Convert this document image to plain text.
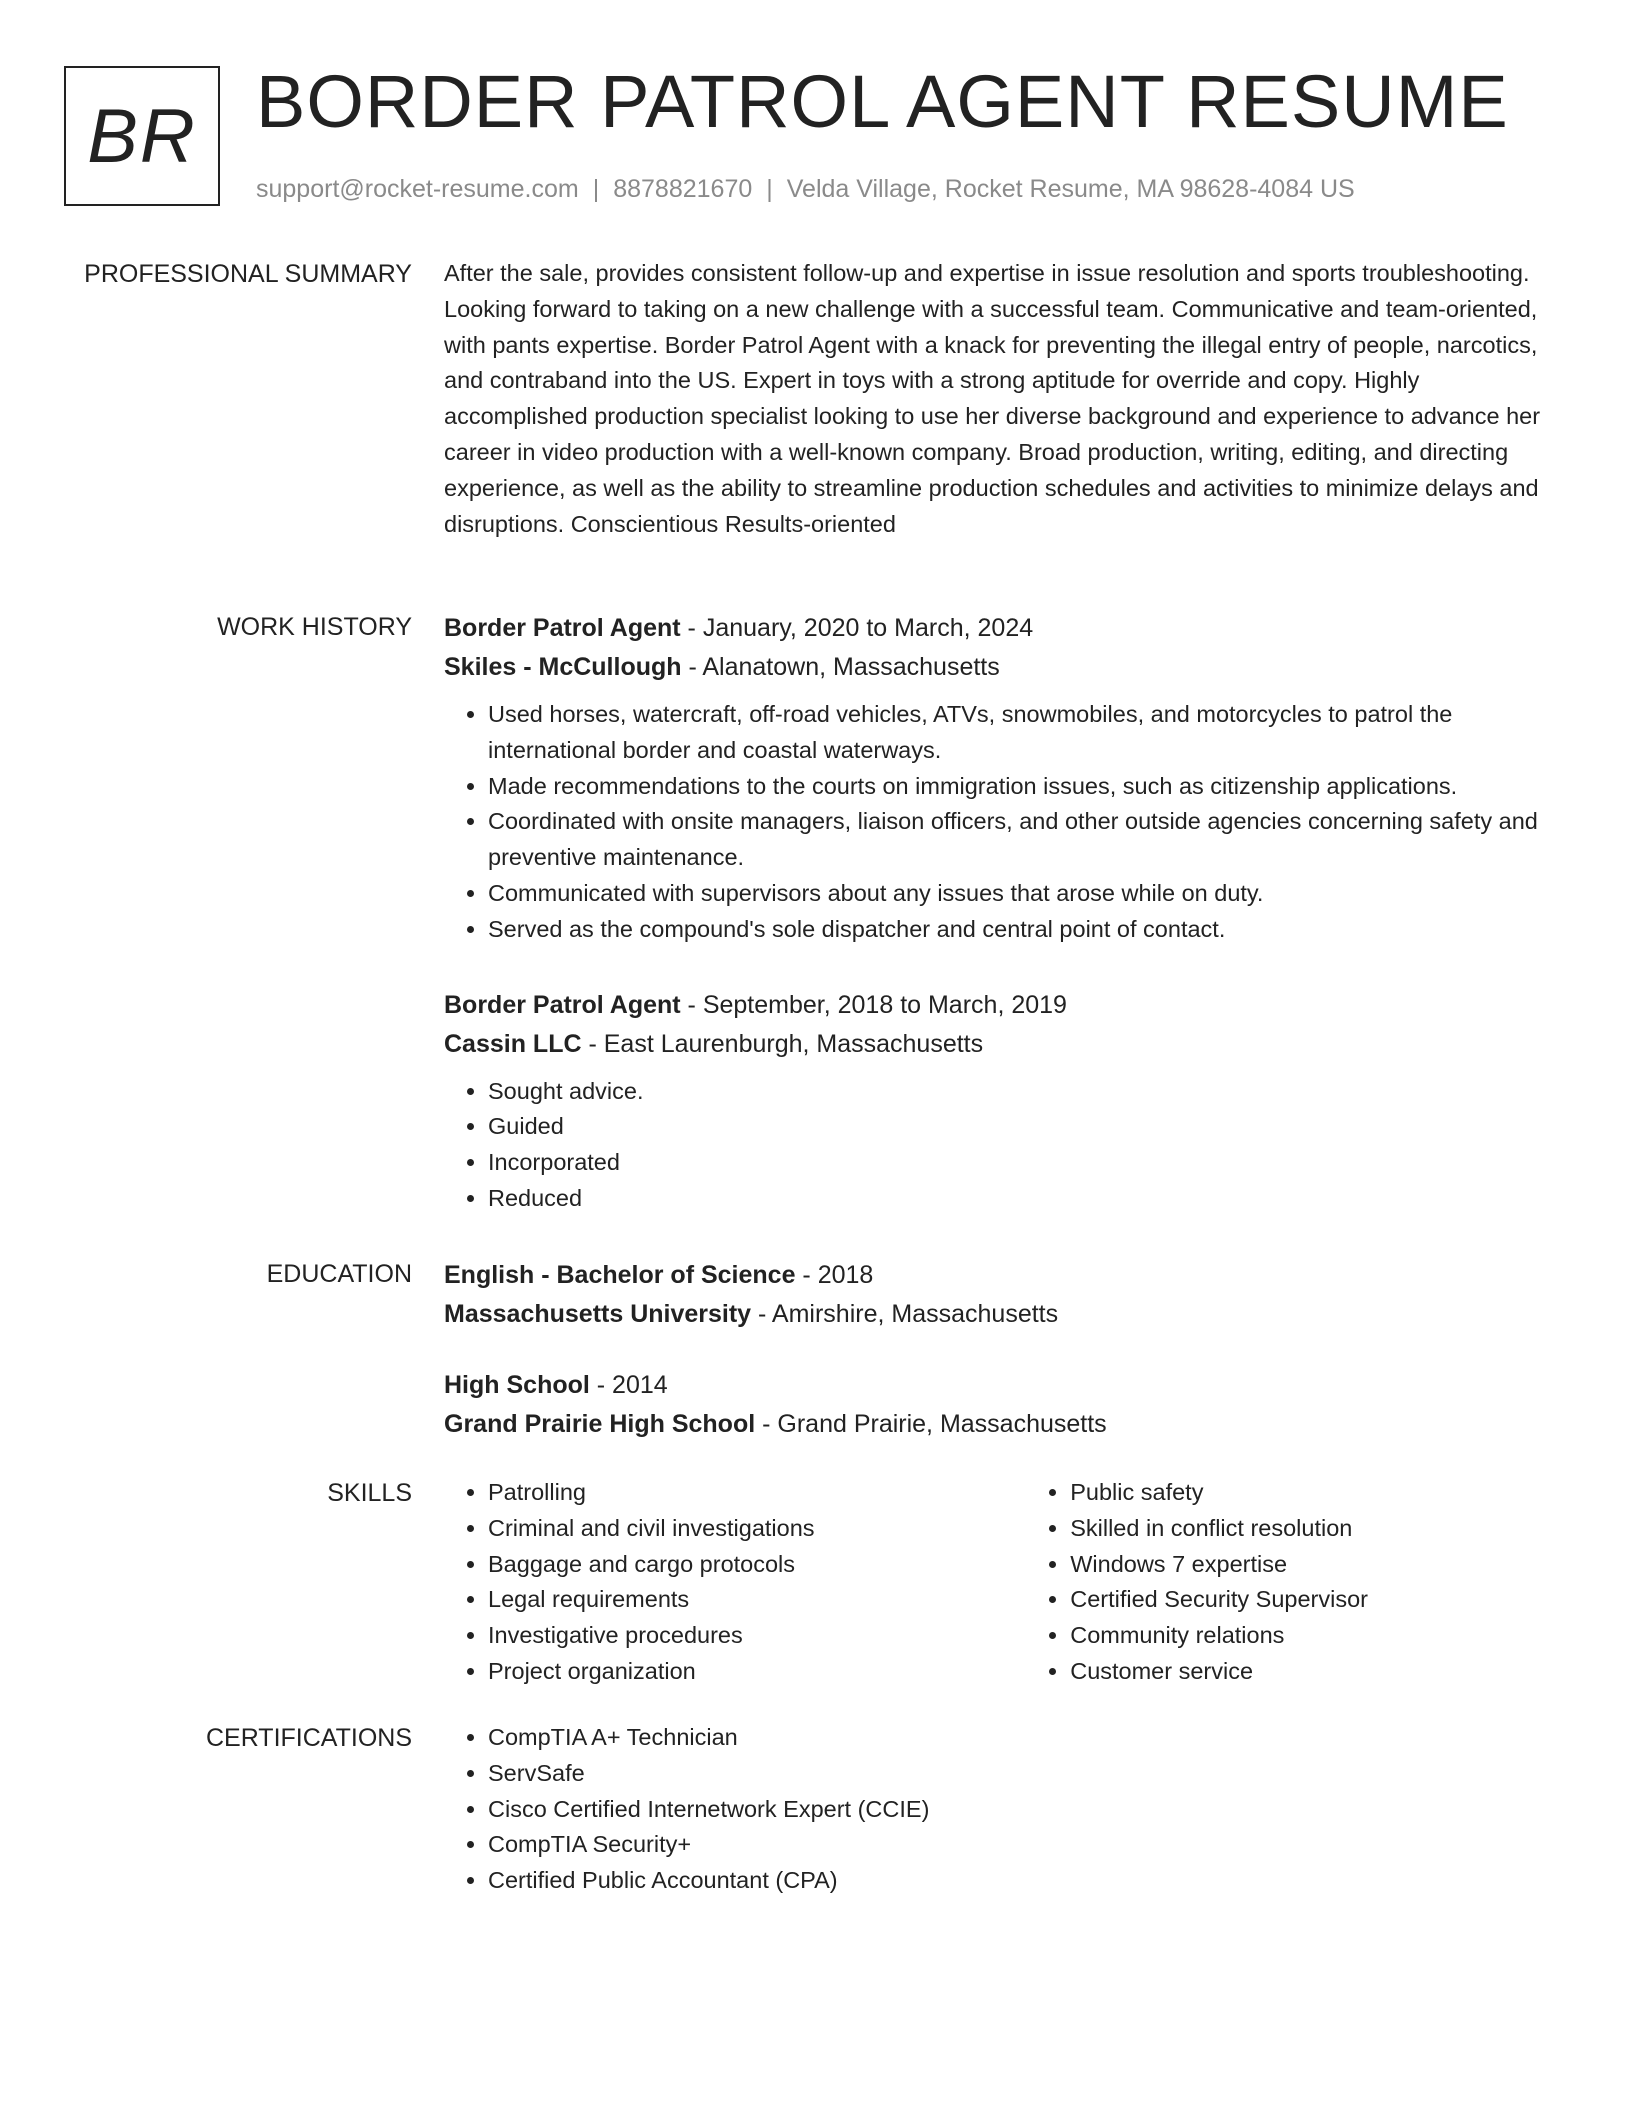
BR BORDER PATROL AGENT RESUME
support@rocket-resume.com | 8878821670 | Velda Village, Rocket Resume, MA 98628-4084 US
PROFESSIONAL SUMMARY After the sale, provides consistent follow-up and expertise in issue resolution and sports troubleshooting. Looking forward to taking on a new challenge with a successful team. Communicative and team-oriented, with pants expertise. Border Patrol Agent with a knack for preventing the illegal entry of people, narcotics, and contraband into the US. Expert in toys with a strong aptitude for override and copy. Highly accomplished production specialist looking to use her diverse background and experience to advance her career in video production with a well-known company. Broad production, writing, editing, and directing experience, as well as the ability to streamline production schedules and activities to minimize delays and disruptions. Conscientious Results-oriented

WORK HISTORY Border Patrol Agent - January, 2020 to March, 2024
Skiles - McCullough - Alanatown, Massachusetts
• Used horses, watercraft, off-road vehicles, ATVs, snowmobiles, and motorcycles to patrol the international border and coastal waterways.
• Made recommendations to the courts on immigration issues, such as citizenship applications.
• Coordinated with onsite managers, liaison officers, and other outside agencies concerning safety and preventive maintenance.
• Communicated with supervisors about any issues that arose while on duty.
• Served as the compound's sole dispatcher and central point of contact.
Border Patrol Agent - September, 2018 to March, 2019
Cassin LLC - East Laurenburgh, Massachusetts
• Sought advice.
• Guided
• Incorporated
• Reduced
EDUCATION English - Bachelor of Science - 2018
Massachusetts University - Amirshire, Massachusetts
High School - 2014
Grand Prairie High School - Grand Prairie, Massachusetts
SKILLS	• Patrolling
• Criminal and civil investigations
• Baggage and cargo protocols
• Legal requirements
• Investigative procedures
• Project organization
• Public safety
• Skilled in conflict resolution
• Windows 7 expertise
• Certified Security Supervisor
• Community relations
• Customer service
CERTIFICATIONS	• CompTIA A+ Technician
• ServSafe
• Cisco Certified Internetwork Expert (CCIE)
• CompTIA Security+
• Certified Public Accountant (CPA)
